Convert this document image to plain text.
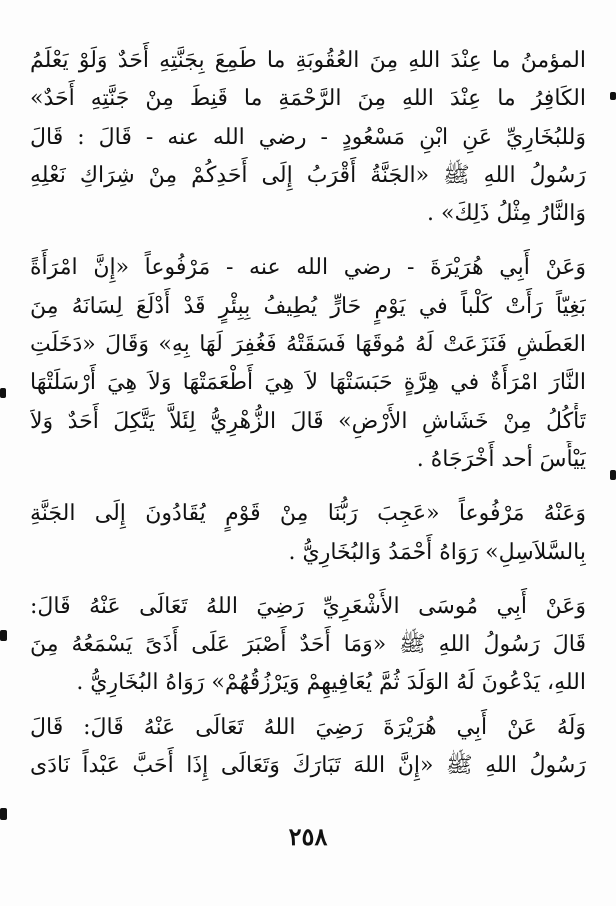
المؤمنُ ما عِنْدَ اللهِ مِنَ العُقُوبَةِ ما طَمِعَ بِجَنَّتِهِ أَحَدٌ وَلَوْ يَعْلَمُ
الكَافِرُ ما عِنْدَ اللهِ مِنَ الرَّحْمَةِ ما قَنِطَ مِنْ جَنَّتِهِ أَحَدٌ»
وَللبُخَارِيِّ عَنِ ابْنِ مَسْعُودٍ - رضي الله عنه - قَالَ : قَالَ
رَسُولُ اللهِ ﷺ «الجَنَّةُ أَقْرَبُ إِلَى أَحَدِكُمْ مِنْ شِرَاكِ نَعْلِهِ
وَالنَّارُ مِثْلُ ذَلِكَ» .
وَعَنْ أَبِي هُرَيْرَةَ - رضي الله عنه - مَرْفُوعاً «إِنَّ امْرَأَةً
بَغِيّاً رَأَتْ كَلْباً في يَوْمٍ حَارٍّ يُطِيفُ بِبِئْرٍ قَدْ أَدْلَعَ لِسَانَهُ مِنَ
العَطَشِ فَنَزَعَتْ لَهُ مُوقَهَا فَسَقَتْهُ فَغُفِرَ لَهَا بِهِ» وَقَالَ «دَخَلَتِ
النَّارَ امْرَأَةٌ في هِرَّةٍ حَبَسَتْهَا لاَ هِيَ أَطْعَمَتْهَا وَلاَ هِيَ أَرْسَلَتْهَا
تَأْكُلُ مِنْ خَشَاشِ الأَرْضِ» قَالَ الزُّهْرِيُّ لِئَلاَّ يَتَّكِلَ أَحَدٌ وَلاَ
يَيْأَسَ أحد أَخْرَجَاهُ .
وَعَنْهُ مَرْفُوعاً «عَجِبَ رَبُّنَا مِنْ قَوْمٍ يُقَادُونَ إِلَى الجَنَّةِ
بِالسَّلاَسِلِ» رَوَاهُ أَحْمَدُ وَالبُخَارِيُّ .
وَعَنْ أَبِي مُوسَى الأَشْعَرِيِّ رَضِيَ اللهُ تَعَالَى عَنْهُ قَالَ:
قَالَ رَسُولُ اللهِ ﷺ «وَمَا أَحَدٌ أَصْبَرَ عَلَى أَذَىً يَسْمَعُهُ مِنَ
اللهِ، يَدْعُونَ لَهُ الوَلَدَ ثُمَّ يُعَافِيهِمْ وَيَرْزُقُهُمْ» رَوَاهُ البُخَارِيُّ .
وَلَهُ عَنْ أَبِي هُرَيْرَةَ رَضِيَ اللهُ تَعَالَى عَنْهُ قَالَ: قَالَ
رَسُولُ اللهِ ﷺ «إِنَّ اللهَ تَبَارَكَ وَتَعَالَى إِذَا أَحَبَّ عَبْداً نَادَى
٢٥٨
